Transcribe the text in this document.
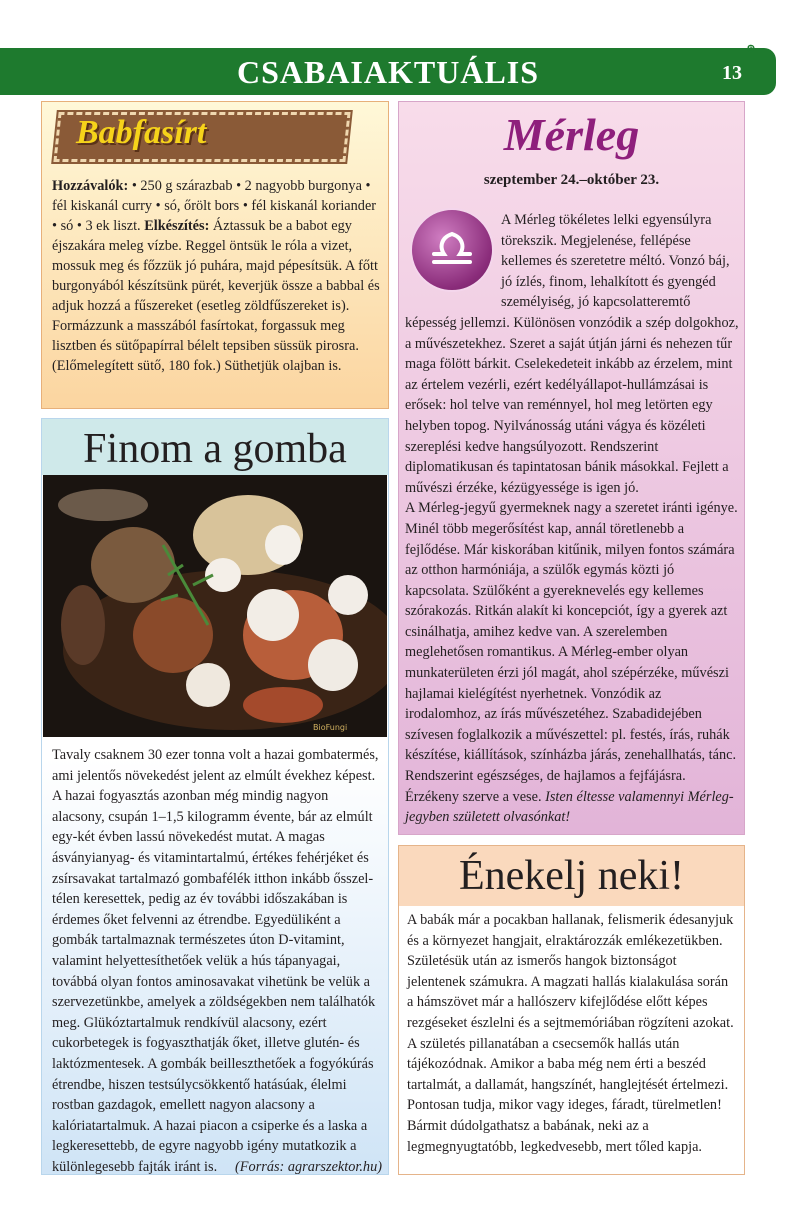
CSABAIAKTUÁLIS	13
๑
Babfasírt
Hozzávalók: • 250 g szárazbab • 2 nagyobb burgonya • fél kiskanál curry • só, őrölt bors • fél kiskanál koriander • só • 3 ek liszt. Elkészítés: Áztassuk be a babot egy éjszakára meleg vízbe. Reggel öntsük le róla a vizet, mossuk meg és főzzük jó puhára, majd pépesítsük. A főtt burgonyából készítsünk pürét, keverjük össze a babbal és adjuk hozzá a fűszereket (esetleg zöldfűszereket is). Formázzunk a masszából fasírtokat, forgassuk meg lisztben és sütőpapírral bélelt tepsiben süssük pirosra. (Előmelegített sütő, 180 fok.) Süthetjük olajban is.
Finom a gomba
BioFungi
Tavaly csaknem 30 ezer tonna volt a hazai gombatermés, ami jelentős növekedést jelent az elmúlt évekhez képest. A hazai fogyasztás azonban még mindig nagyon alacsony, csupán 1–1,5 kilogramm évente, bár az elmúlt egy-két évben lassú növekedést mutat. A magas ásványianyag- és vitamintartalmú, értékes fehérjéket és zsírsavakat tartalmazó gombafélék itthon inkább ősszel-télen keresettek, pedig az év további időszakában is érdemes őket felvenni az étrendbe. Egyedüliként a gombák tartalmaznak természetes úton D-vitamint, valamint helyettesíthetőek velük a hús tápanyagai, továbbá olyan fontos aminosavakat vihetünk be velük a szervezetünkbe, amelyek a zöldségekben nem találhatók meg. Glükóztartalmuk rendkívül alacsony, ezért cukorbetegek is fogyaszthatják őket, illetve glutén- és laktózmentesek. A gombák beilleszthetőek a fogyókúrás étrendbe, hiszen testsúlycsökkentő hatásúak, élelmi rostban gazdagok, emellett nagyon alacsony a kalóriatartalmuk. A hazai piacon a csiperke és a laska a legkeresettebb, de egyre nagyobb igény mutatkozik a különlegesebb fajták iránt is. (Forrás: agrarszektor.hu)
Mérleg
szeptember 24.–október 23.
A Mérleg tökéletes lelki egyensúlyra törekszik. Megjelenése, fellépése kellemes és szeretetre méltó. Vonzó báj, jó ízlés, finom, lehalkított és gyengéd személyiség, jó kapcsolatteremtő képesség jellemzi. Különösen vonzódik a szép dolgokhoz, a művészetekhez. Szeret a saját útján járni és nehezen tűr maga fölött bárkit. Cselekedeteit inkább az érzelem, mint az értelem vezérli, ezért kedélyállapot-hullámzásai is erősek: hol telve van reménnyel, hol meg letörten egy helyben topog. Nyilvánosság utáni vágya és közéleti szereplési kedve hangsúlyozott. Rendszerint diplomatikusan és tapintatosan bánik másokkal. Fejlett a művészi érzéke, kézügyessége is igen jó.
A Mérleg-jegyű gyermeknek nagy a szeretet iránti igénye. Minél több megerősítést kap, annál töretlenebb a fejlődése. Már kiskorában kitűnik, milyen fontos számára az otthon harmóniája, a szülők egymás közti jó kapcsolata. Szülőként a gyereknevelés egy kellemes szórakozás. Ritkán alakít ki koncepciót, így a gyerek azt csinálhatja, amihez kedve van. A szerelemben meglehetősen romantikus. A Mérleg-ember olyan munkaterületen érzi jól magát, ahol szépérzéke, művészi hajlamai kielégítést nyerhetnek. Vonzódik az irodalomhoz, az írás művészetéhez. Szabadidejében szívesen foglalkozik a művészettel: pl. festés, írás, ruhák készítése, kiállítások, színházba járás, zenehallhatás, tánc. Rendszerint egészséges, de hajlamos a fejfájásra. Érzékeny szerve a vese. Isten éltesse valamennyi Mérleg-jegyben született olvasónkat!
Énekelj neki!
A babák már a pocakban hallanak, felismerik édesanyjuk és a környezet hangjait, elraktározzák emlékezetükben. Születésük után az ismerős hangok biztonságot jelentenek számukra. A magzati hallás kialakulása során a hámszövet már a hallószerv kifejlődése előtt képes rezgéseket észlelni és a sejtmemóriában rögzíteni azokat. A születés pillanatában a csecsemők hallás után tájékozódnak. Amikor a baba még nem érti a beszéd tartalmát, a dallamát, hangszínét, hanglejtését értelmezi. Pontosan tudja, mikor vagy ideges, fáradt, türelmetlen! Bármit dúdolgathatsz a babának, neki az a legmegnyugtatóbb, legkedvesebb, mert tőled kapja.
